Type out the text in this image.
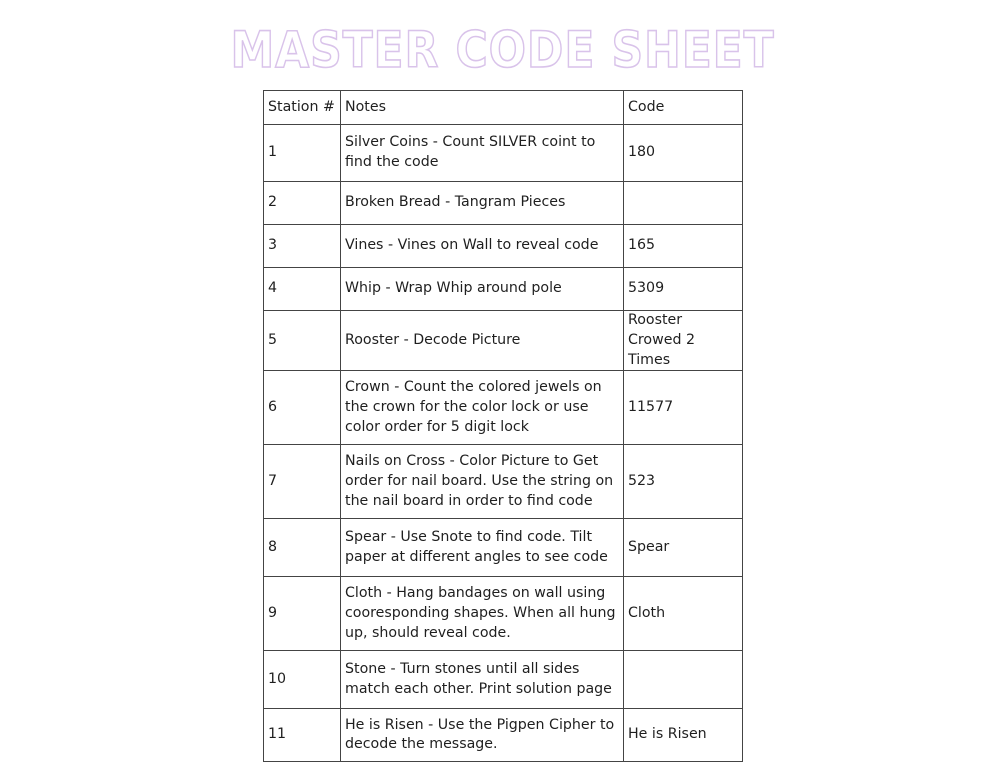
MASTER CODE SHEET
Station #	Notes	Code
1	Silver Coins - Count SILVER coint to find the code	180
2	Broken Bread - Tangram Pieces	
3	Vines - Vines on Wall to reveal code	165
4	Whip - Wrap Whip around pole	5309
5	Rooster - Decode Picture	Rooster Crowed 2 Times
6	Crown - Count the colored jewels on the crown for the color lock or use color order for 5 digit lock	11577
7	Nails on Cross - Color Picture to Get order for nail board. Use the string on the nail board in order to find code	523
8	Spear - Use Snote to find code. Tilt paper at different angles to see code	Spear
9	Cloth - Hang bandages on wall using cooresponding shapes. When all hung up, should reveal code.	Cloth
10	Stone - Turn stones until all sides match each other. Print solution page	
11	He is Risen - Use the Pigpen Cipher to decode the message.	He is Risen
